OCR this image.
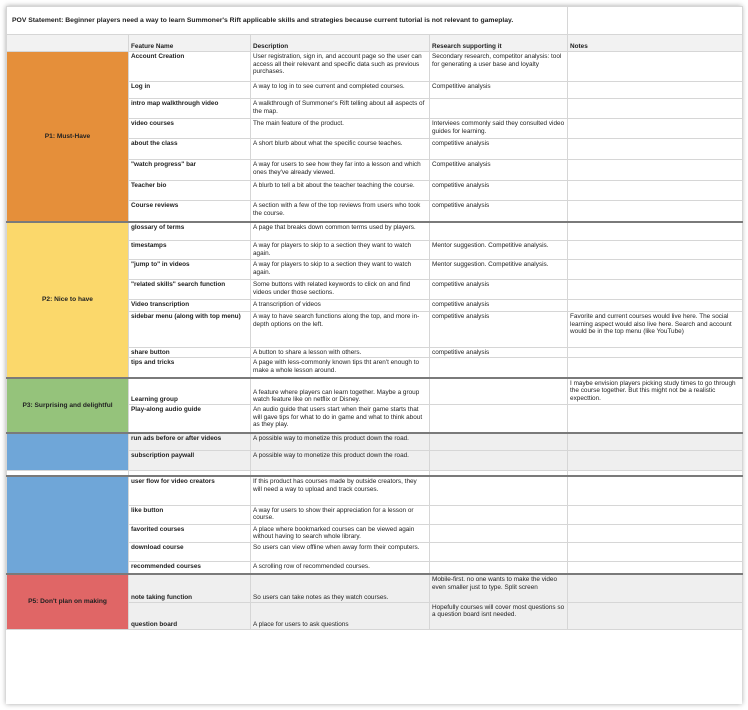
POV Statement: Beginner players need a way to learn Summoner's Rift applicable skills and strategies because current tutorial is not relevant to gameplay.				
	Feature Name	Description	Research supporting it	Notes
P1: Must-Have	Account Creation	User registration, sign in, and account page so the user can access all their relevant and specific data such as previous purchases.	Secondary research, competitor analysis: tool for generating a user base and loyalty	
	Log in	A way to log in to see current and completed courses.	Competitive analysis	
	intro map walkthrough video	A walkthrough of Summoner's Rift telling about all aspects of the map.		
	video courses	The main feature of the product.	Interviees commonly said they consulted video guides for learning.	
	about the class	A short blurb about what the specific course teaches.	competitive analysis	
	"watch progress" bar	A way for users to see how they far into a lesson and which ones they've already viewed.	Competitive analysis	
	Teacher bio	A blurb to tell a bit about the teacher teaching the course.	competitive analysis	
	Course reviews	A section with a few of the top reviews from users who took the course.	competitive analysis	
P2: Nice to have	glossary of terms	A page that breaks down common terms used by players.		
	timestamps	A way for players to skip to a section they want to watch again.	Mentor suggestion. Competitive analysis.	
	"jump to" in videos	A way for players to skip to a section they want to watch again.	Mentor suggestion. Competitive analysis.	
	"related skills" search function	Some buttons with related keywords to click on and find videos under those sections.	competitive analysis	
	Video transcription	A transcription of videos	competitive analysis	
	sidebar menu (along with top menu)	A way to have search functions along the top, and more in-depth options on the left.	competitive analysis	Favorite and current courses would live here. The social learning aspect would also live here. Search and account would be in the top menu (like YouTube)
	share button	A button to share a lesson with others.	competitive analysis	
	tips and tricks	A page with less-commonly known tips tht aren't enough to make a whole lesson around.		
P3: Surprising and delightful	Learning group	A feature where players can learn together. Maybe a group watch feature like on netflix or Disney.		I maybe envision players picking study times to go through the course together. But this might not be a realistic expecttion.
	Play-along audio guide	An audio guide that users start when their game starts that will gave tips for what to do in game and what to think about as they play.		
	run ads before or after videos	A possible way to monetize this product down the road.		
	subscription paywall	A possible way to monetize this product down the road.		

	user flow for video creators	If this product has courses made by outside creators, they will need a way to upload and track courses.		
	like button	A way for users to show their appreciation for a lesson or course.		
	favorited courses	A place where bookmarked courses can be viewed again without having to search whole library.		
	download course	So users can view offline when away form their computers.		
	recommended courses	A scrolling row of recommended courses.		
P5: Don't plan on making	note taking function	So users can take notes as they watch courses.	Mobile-first. no one wants to make the video even smaller just to type. Split screen	
	question board	A place for users to ask questions	Hopefully courses will cover most questions so a question board isnt needed.	
